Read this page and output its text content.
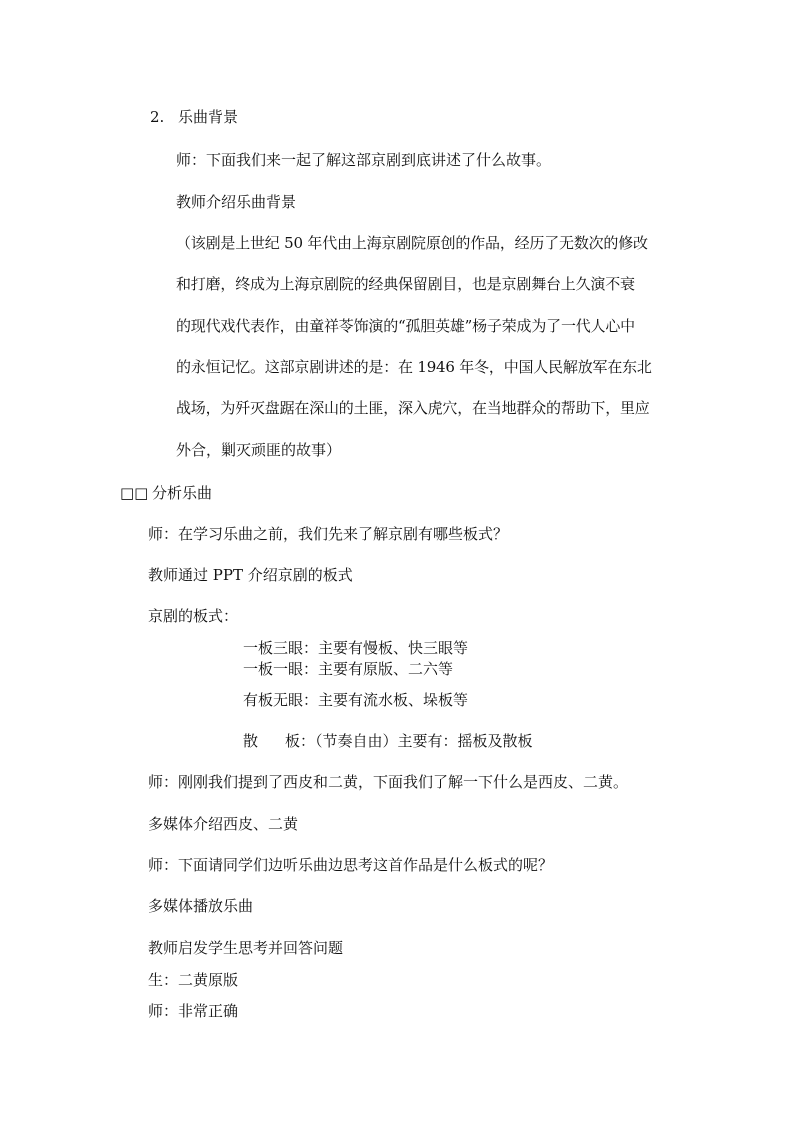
2. 乐曲背景
师：下面我们来一起了解这部京剧到底讲述了什么故事。
教师介绍乐曲背景
（该剧是上世纪 50 年代由上海京剧院原创的作品，经历了无数次的修改
和打磨，终成为上海京剧院的经典保留剧目，也是京剧舞台上久演不衰
的现代戏代表作，由童祥苓饰演的“孤胆英雄”杨子荣成为了一代人心中
的永恒记忆。这部京剧讲述的是：在 1946 年冬，中国人民解放军在东北
战场，为歼灭盘踞在深山的土匪，深入虎穴，在当地群众的帮助下，里应
外合，剿灭顽匪的故事）
□□ 分析乐曲
师：在学习乐曲之前，我们先来了解京剧有哪些板式？
教师通过 PPT 介绍京剧的板式
京剧的板式：
一板三眼：主要有慢板、快三眼等
一板一眼：主要有原版、二六等
有板无眼：主要有流水板、垛板等
散 板：（节奏自由）主要有：摇板及散板
师：刚刚我们提到了西皮和二黄，下面我们了解一下什么是西皮、二黄。
多媒体介绍西皮、二黄
师：下面请同学们边听乐曲边思考这首作品是什么板式的呢？
多媒体播放乐曲
教师启发学生思考并回答问题
生：二黄原版
师：非常正确
